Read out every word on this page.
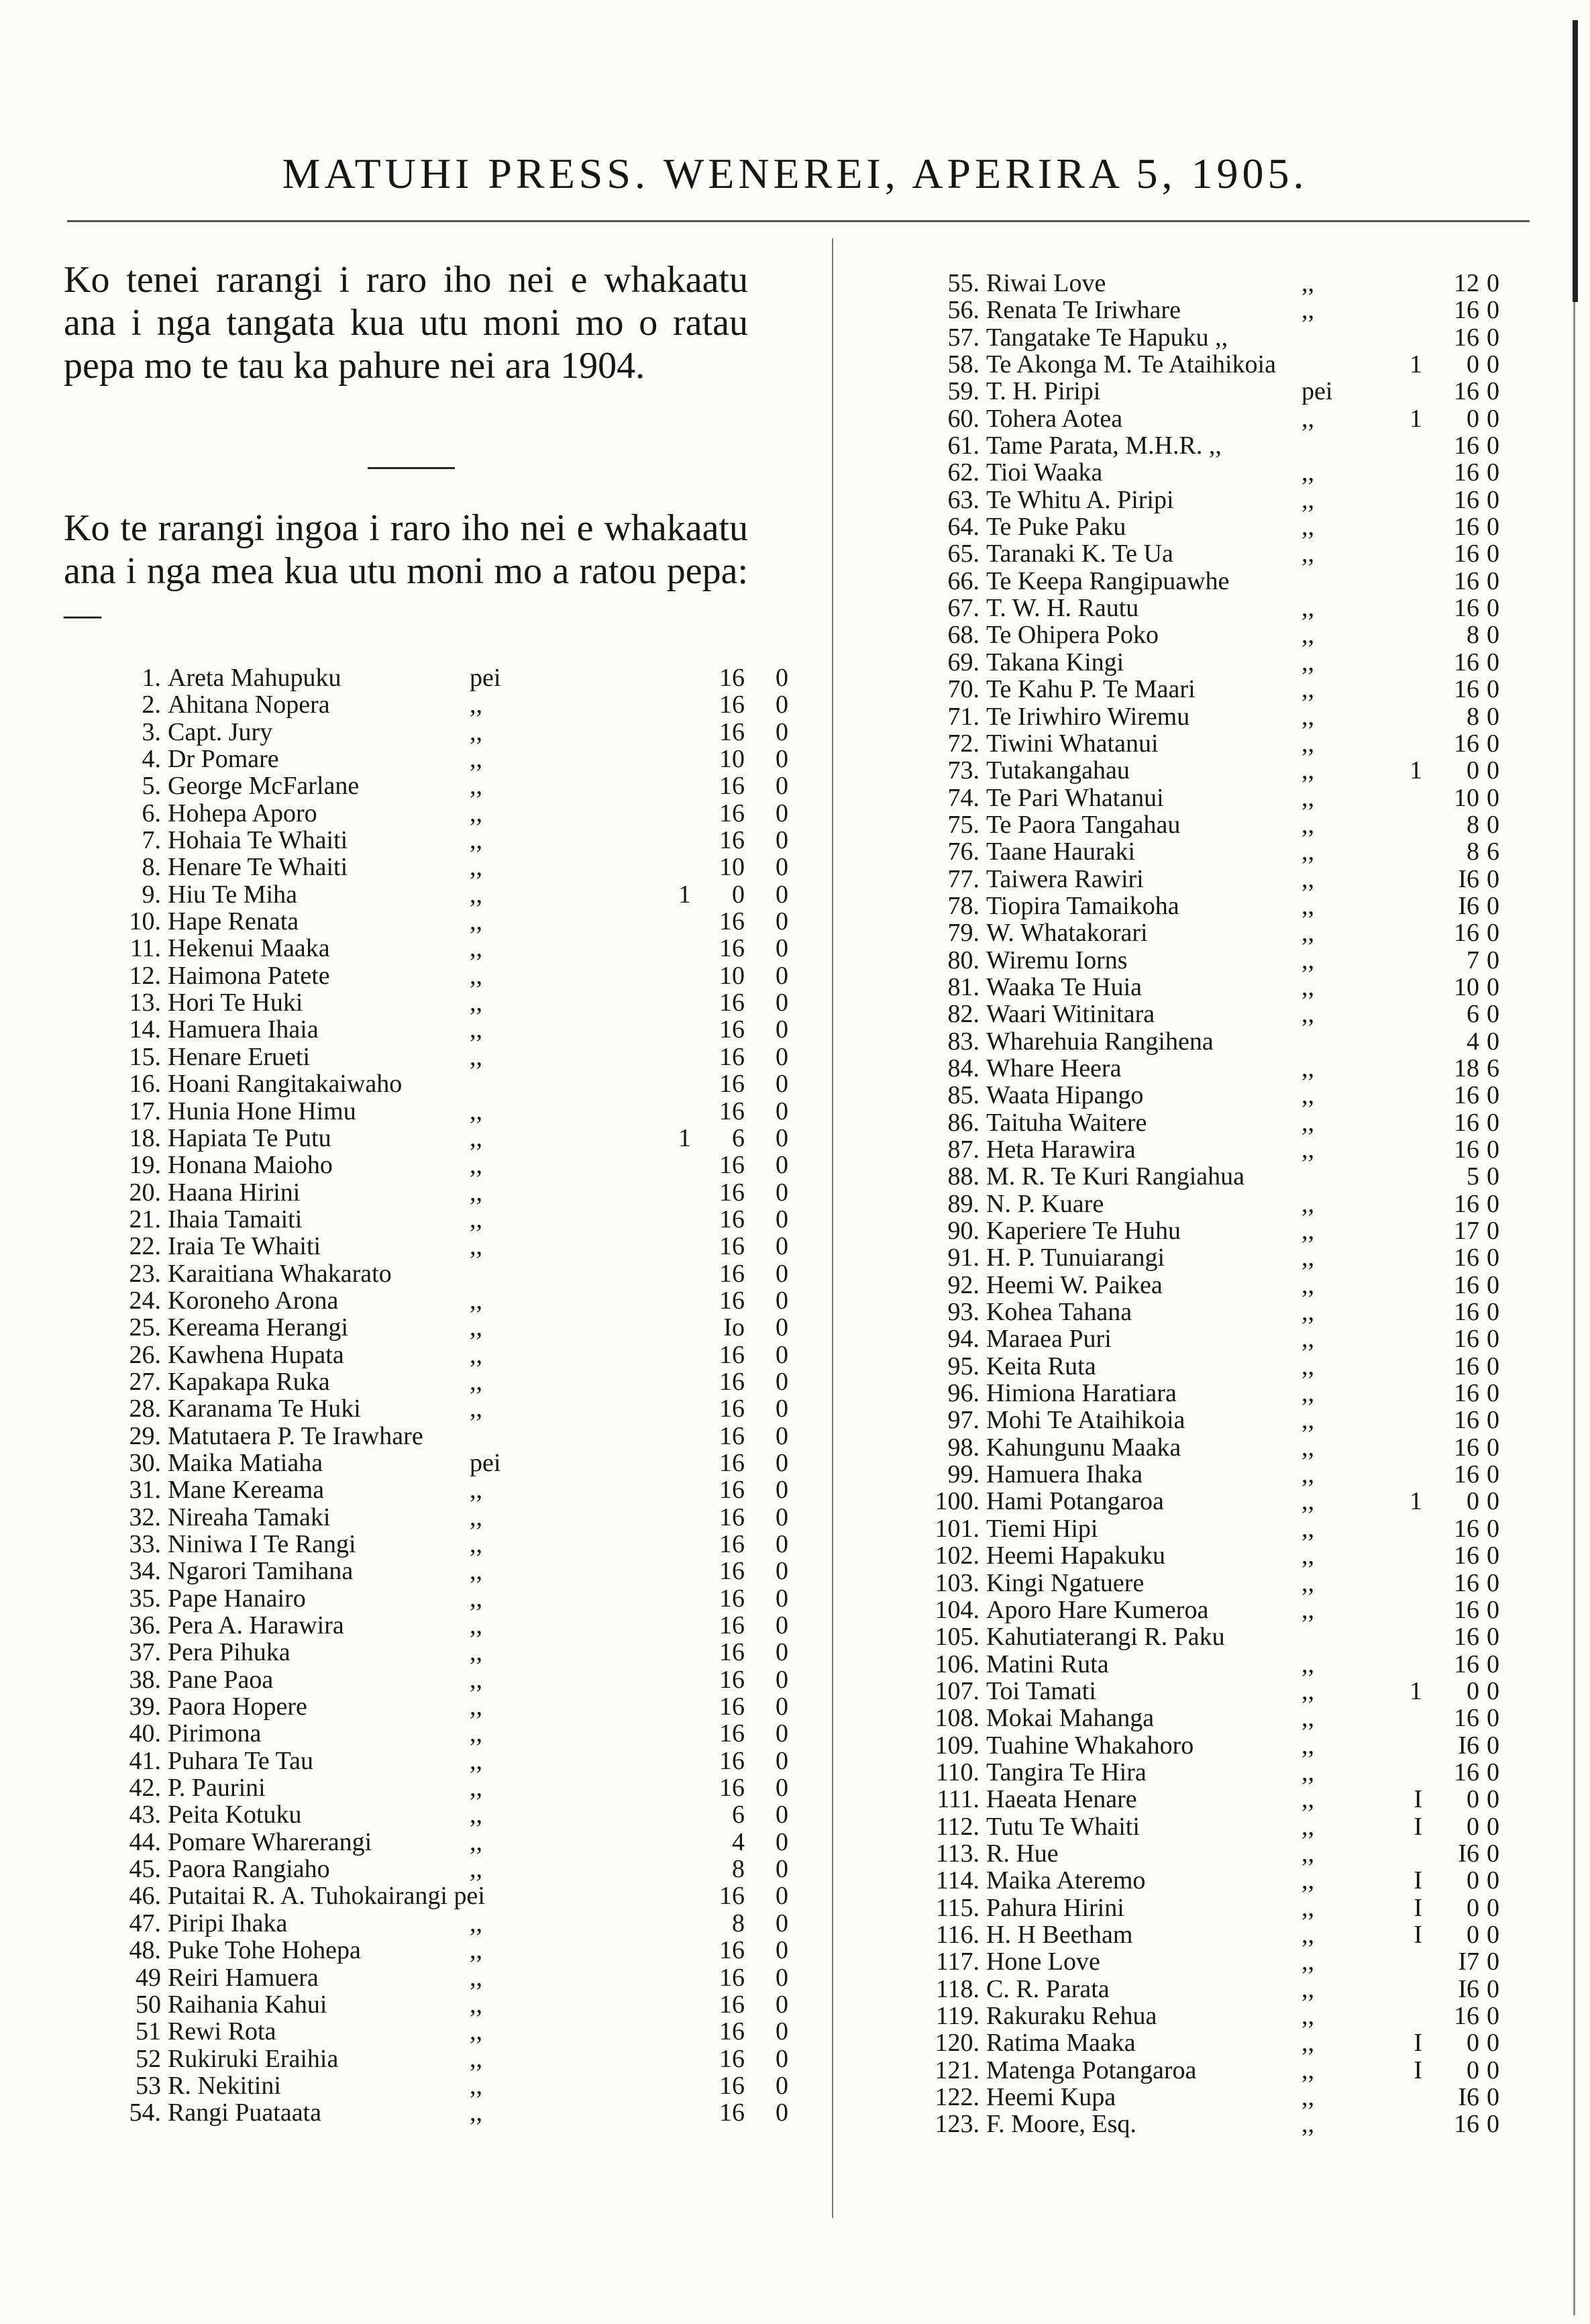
MATUHI PRESS. WENEREI, APERIRA 5, 1905.
Ko tenei rarangi i raro iho nei e whakaatu ana i nga tangata kua utu moni mo o ratau pepa mo te tau ka pahure nei ara 1904.
Ko te rarangi ingoa i raro iho nei e whakaatu ana i nga mea kua utu moni mo a ratou pepa:—
1. Areta Mahupuku	pei	16	0
2. Ahitana Nopera	,,	16	0
3. Capt. Jury	,,	16	0
4. Dr Pomare	,,	10	0
5. George McFarlane	,,	16	0
6. Hohepa Aporo	,,	16	0
7. Hohaia Te Whaiti	,,	16	0
8. Henare Te Whaiti	,,	10	0
9. Hiu Te Miha	,,	1	0	0
10. Hape Renata	,,	16	0
11. Hekenui Maaka	,,	16	0
12. Haimona Patete	,,	10	0
13. Hori Te Huki	,,	16	0
14. Hamuera Ihaia	,,	16	0
15. Henare Erueti	,,	16	0
16. Hoani Rangitakaiwaho	16	0
17. Hunia Hone Himu	,,	16	0
18. Hapiata Te Putu	,,	1	6	0
19. Honana Maioho	,,	16	0
20. Haana Hirini	,,	16	0
21. Ihaia Tamaiti	,,	16	0
22. Iraia Te Whaiti	,,	16	0
23. Karaitiana Whakarato	16	0
24. Koroneho Arona	,,	16	0
25. Kereama Herangi	,,	Io	0
26. Kawhena Hupata	,,	16	0
27. Kapakapa Ruka	,,	16	0
28. Karanama Te Huki	,,	16	0
29. Matutaera P. Te Irawhare	16	0
30. Maika Matiaha	pei	16	0
31. Mane Kereama	,,	16	0
32. Nireaha Tamaki	,,	16	0
33. Niniwa I Te Rangi	,,	16	0
34. Ngarori Tamihana	,,	16	0
35. Pape Hanairo	,,	16	0
36. Pera A. Harawira	,,	16	0
37. Pera Pihuka	,,	16	0
38. Pane Paoa	,,	16	0
39. Paora Hopere	,,	16	0
40. Pirimona	,,	16	0
41. Puhara Te Tau	,,	16	0
42. P. Paurini	,,	16	0
43. Peita Kotuku	,,	6	0
44. Pomare Wharerangi	,,	4	0
45. Paora Rangiaho	,,	8	0
46. Putaitai R. A. Tuhokairangi pei	16	0
47. Piripi Ihaka	,,	8	0
48. Puke Tohe Hohepa	,,	16	0
49 Reiri Hamuera	,,	16	0
50 Raihania Kahui	,,	16	0
51 Rewi Rota	,,	16	0
52 Rukiruki Eraihia	,,	16	0
53 R. Nekitini	,,	16	0
54. Rangi Puataata	,,	16	0
55. Riwai Love	,,	12 0
56. Renata Te Iriwhare	,,	16 0
57. Tangatake Te Hapuku ,,	16 0
58. Te Akonga M. Te Ataihikoia	1	0 0
59. T. H. Piripi	pei	16 0
60. Tohera Aotea	,,	1	0 0
61. Tame Parata, M.H.R. ,,	16 0
62. Tioi Waaka	,,	16 0
63. Te Whitu A. Piripi	,,	16 0
64. Te Puke Paku	,,	16 0
65. Taranaki K. Te Ua	,,	16 0
66. Te Keepa Rangipuawhe	16 0
67. T. W. H. Rautu	,,	16 0
68. Te Ohipera Poko	,,	8 0
69. Takana Kingi	,,	16 0
70. Te Kahu P. Te Maari	,,	16 0
71. Te Iriwhiro Wiremu	,,	8 0
72. Tiwini Whatanui	,,	16 0
73. Tutakangahau	,,	1	0 0
74. Te Pari Whatanui	,,	10 0
75. Te Paora Tangahau	,,	8 0
76. Taane Hauraki	,,	8 6
77. Taiwera Rawiri	,,	I6 0
78. Tiopira Tamaikoha	,,	I6 0
79. W. Whatakorari	,,	16 0
80. Wiremu Iorns	,,	7 0
81. Waaka Te Huia	,,	10 0
82. Waari Witinitara	,,	6 0
83. Wharehuia Rangihena	4 0
84. Whare Heera	,,	18 6
85. Waata Hipango	,,	16 0
86. Taituha Waitere	,,	16 0
87. Heta Harawira	,,	16 0
88. M. R. Te Kuri Rangiahua	5 0
89. N. P. Kuare	,,	16 0
90. Kaperiere Te Huhu	,,	17 0
91. H. P. Tunuiarangi	,,	16 0
92. Heemi W. Paikea	,,	16 0
93. Kohea Tahana	,,	16 0
94. Maraea Puri	,,	16 0
95. Keita Ruta	,,	16 0
96. Himiona Haratiara	,,	16 0
97. Mohi Te Ataihikoia	,,	16 0
98. Kahungunu Maaka	,,	16 0
99. Hamuera Ihaka	,,	16 0
100. Hami Potangaroa	,,	1	0 0
101. Tiemi Hipi	,,	16 0
102. Heemi Hapakuku	,,	16 0
103. Kingi Ngatuere	,,	16 0
104. Aporo Hare Kumeroa	,,	16 0
105. Kahutiaterangi R. Paku	16 0
106. Matini Ruta	,,	16 0
107. Toi Tamati	,,	1	0 0
108. Mokai Mahanga	,,	16 0
109. Tuahine Whakahoro	,,	I6 0
110. Tangira Te Hira	,,	16 0
111. Haeata Henare	,,	I	0 0
112. Tutu Te Whaiti	,,	I	0 0
113. R. Hue	,,	I6 0
114. Maika Ateremo	,,	I	0 0
115. Pahura Hirini	,,	I	0 0
116. H. H Beetham	,,	I	0 0
117. Hone Love	,,	I7 0
118. C. R. Parata	,,	I6 0
119. Rakuraku Rehua	,,	16 0
120. Ratima Maaka	,,	I	0 0
121. Matenga Potangaroa	,,	I	0 0
122. Heemi Kupa	,,	I6 0
123. F. Moore, Esq.	,,	16 0
